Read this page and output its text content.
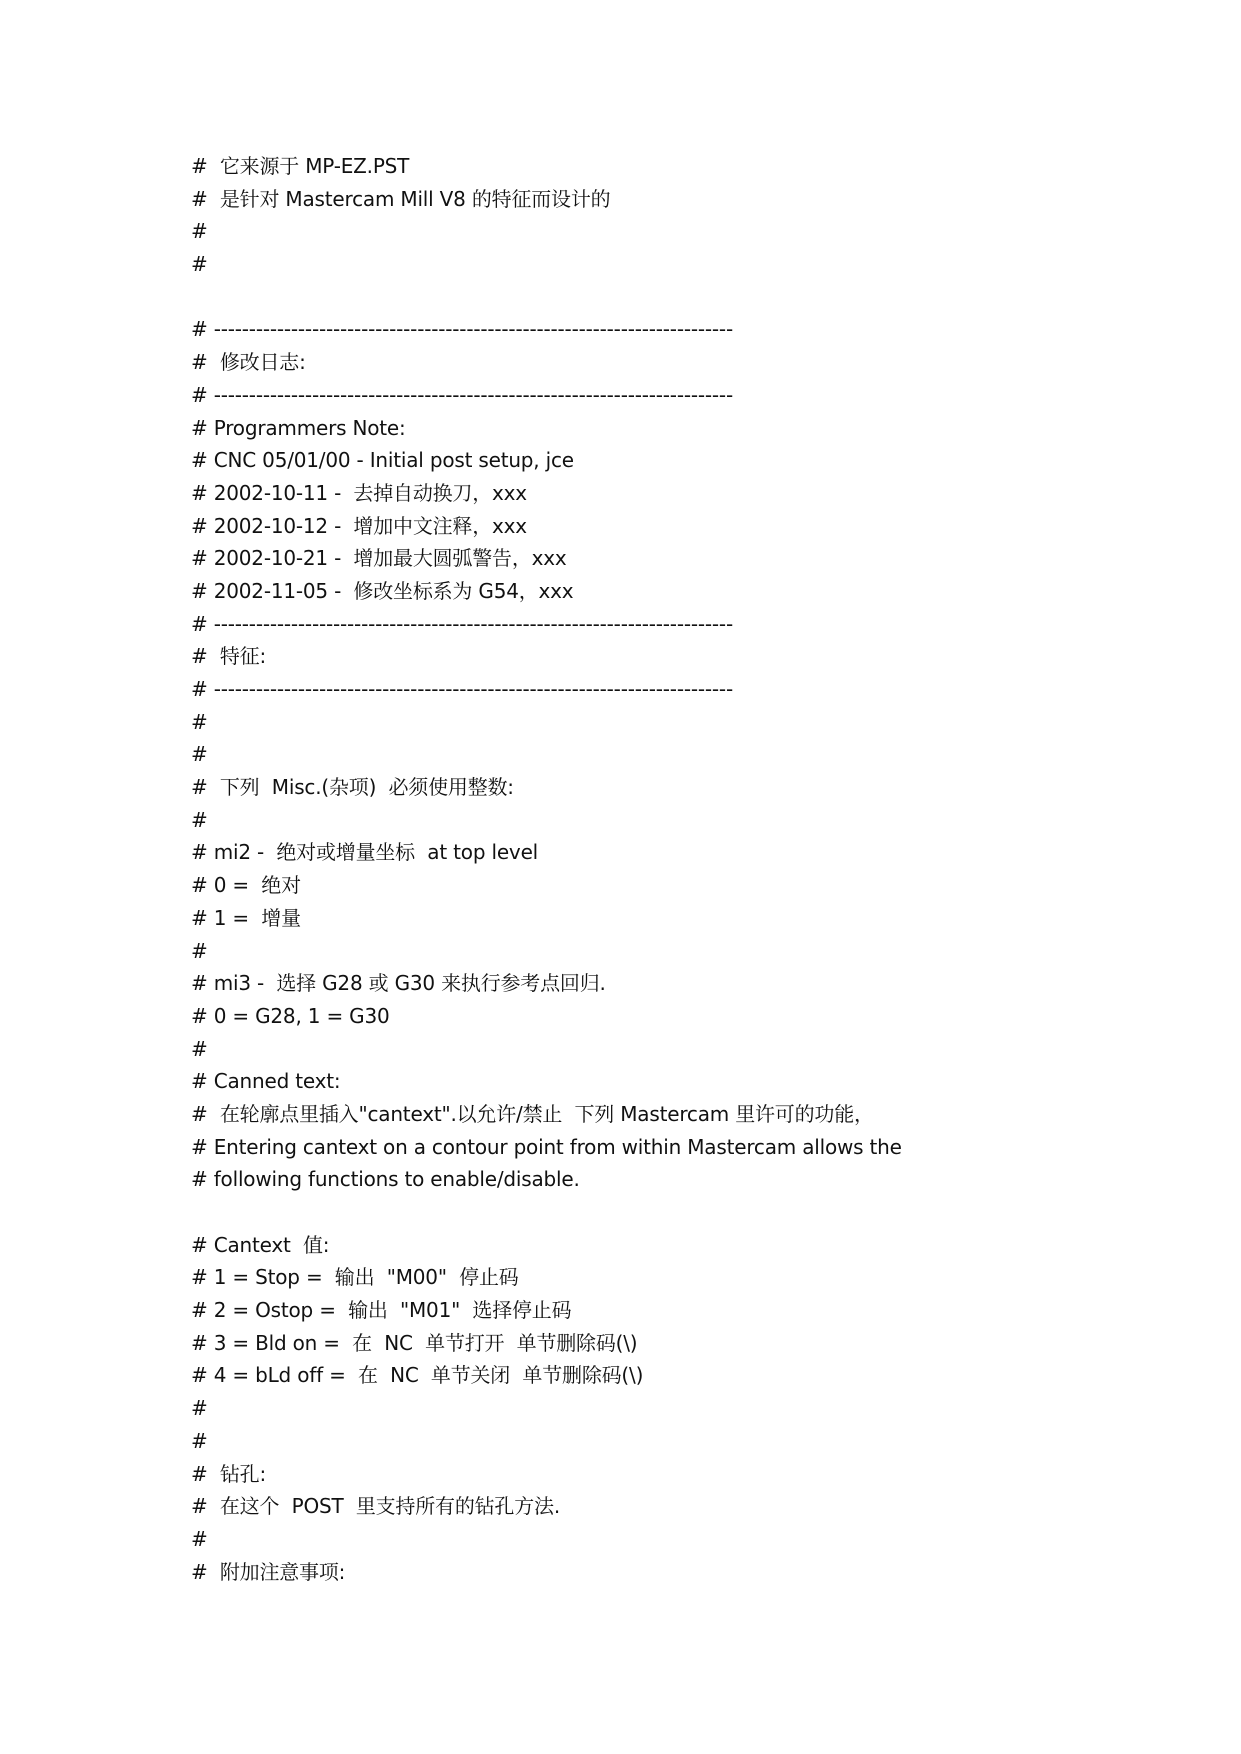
#  它来源于 MP-EZ.PST
#  是针对 Mastercam Mill V8 的特征而设计的
#
#
# --------------------------------------------------------------------------
#  修改日志:
# --------------------------------------------------------------------------
# Programmers Note:
# CNC 05/01/00 - Initial post setup, jce
# 2002-10-11 -  去掉自动换刀，xxx
# 2002-10-12 -  增加中文注释，xxx
# 2002-10-21 -  增加最大圆弧警告，xxx
# 2002-11-05 -  修改坐标系为 G54，xxx
# --------------------------------------------------------------------------
#  特征:
# --------------------------------------------------------------------------
#
#
#  下列  Misc.(杂项)  必须使用整数:
#
# mi2 -  绝对或增量坐标  at top level
# 0 =  绝对
# 1 =  增量
#
# mi3 -  选择 G28 或 G30 来执行参考点回归.
# 0 = G28, 1 = G30
#
# Canned text:
#  在轮廓点里插入"cantext".以允许/禁止  下列 Mastercam 里许可的功能，
# Entering cantext on a contour point from within Mastercam allows the
# following functions to enable/disable.
# Cantext  值:
# 1 = Stop =  输出  "M00"  停止码
# 2 = Ostop =  输出  "M01"  选择停止码
# 3 = Bld on =  在  NC  单节打开  单节删除码(\)
# 4 = bLd off =  在  NC  单节关闭  单节删除码(\)
#
#
#  钻孔:
#  在这个  POST  里支持所有的钻孔方法.
#
#  附加注意事项:
